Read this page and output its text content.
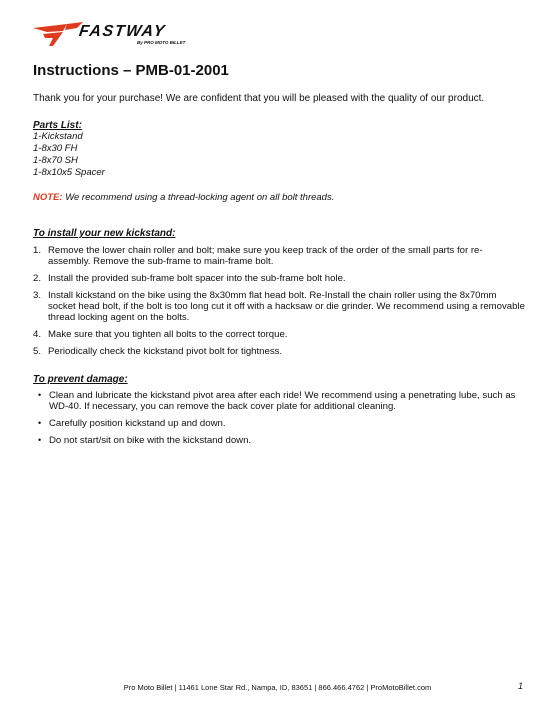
FASTWAY
By PRO MOTO BILLET
Instructions – PMB-01-2001

Thank you for your purchase! We are confident that you will be pleased with the quality of our product.

Parts List:
1-Kickstand
1-8x30 FH
1-8x70 SH
1-8x10x5 Spacer
NOTE: We recommend using a thread-locking agent on all bolt threads.
To install your new kickstand:
1. Remove the lower chain roller and bolt; make sure you keep track of the order of the small parts for re-assembly. Remove the sub-frame to main-frame bolt.
2. Install the provided sub-frame bolt spacer into the sub-frame bolt hole.
3. Install kickstand on the bike using the 8x30mm flat head bolt. Re-Install the chain roller using the 8x70mm socket head bolt, if the bolt is too long cut it off with a hacksaw or die grinder. We recommend using a removable thread locking agent on the bolts.
4. Make sure that you tighten all bolts to the correct torque.
5. Periodically check the kickstand pivot bolt for tightness.
To prevent damage:
• Clean and lubricate the kickstand pivot area after each ride! We recommend using a penetrating lube, such as WD-40. If necessary, you can remove the back cover plate for additional cleaning.
• Carefully position kickstand up and down.
• Do not start/sit on bike with the kickstand down.
Pro Moto Billet | 11461 Lone Star Rd., Nampa, ID, 83651 | 866.466.4762 | ProMotoBillet.com	1
